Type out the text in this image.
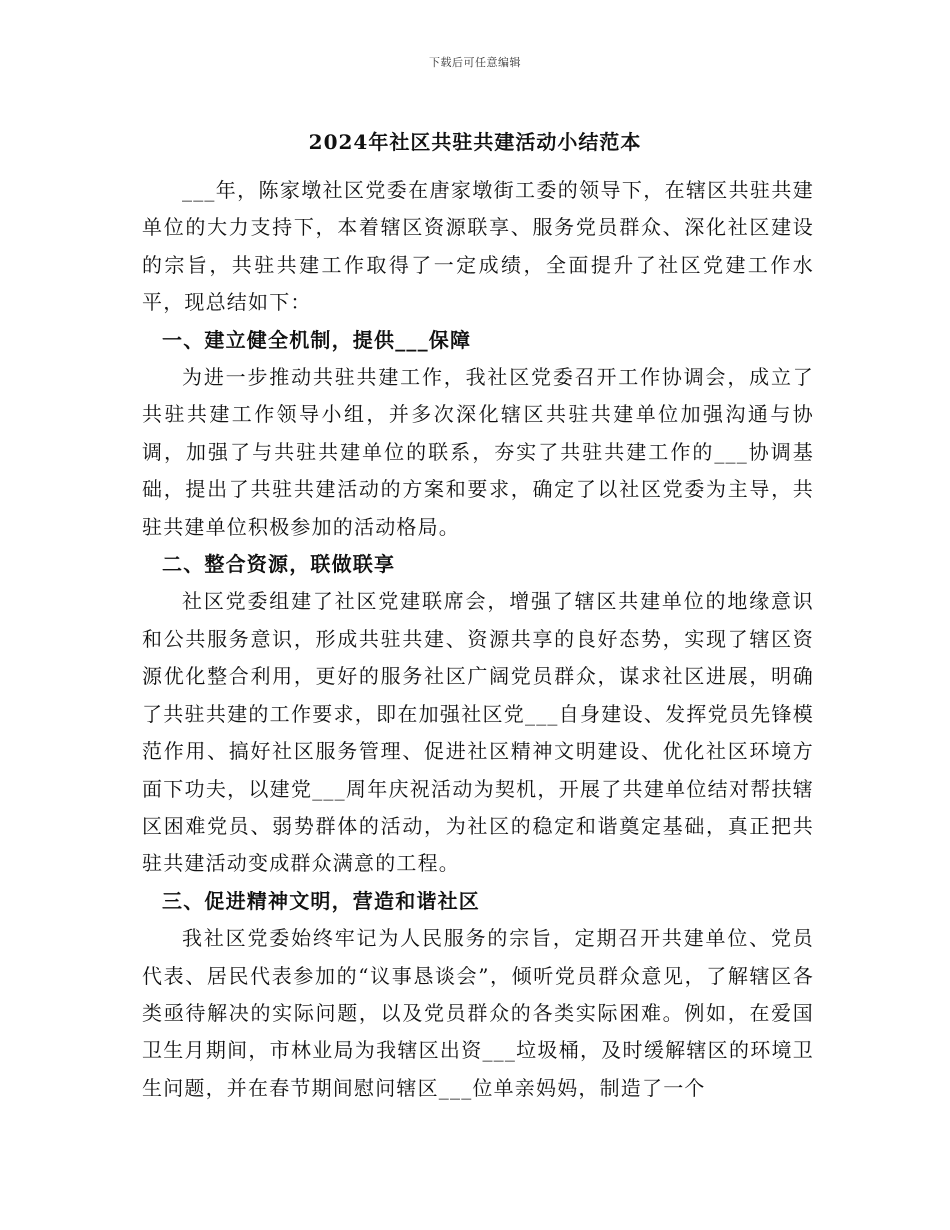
下载后可任意编辑
2024年社区共驻共建活动小结范本

___年，陈家墩社区党委在唐家墩街工委的领导下，在辖区共驻共建单位的大力支持下，本着辖区资源联享、服务党员群众、深化社区建设的宗旨，共驻共建工作取得了一定成绩，全面提升了社区党建工作水平，现总结如下：

一、建立健全机制，提供___保障

为进一步推动共驻共建工作，我社区党委召开工作协调会，成立了共驻共建工作领导小组，并多次深化辖区共驻共建单位加强沟通与协调，加强了与共驻共建单位的联系，夯实了共驻共建工作的___协调基础，提出了共驻共建活动的方案和要求，确定了以社区党委为主导，共驻共建单位积极参加的活动格局。

二、整合资源，联做联享

社区党委组建了社区党建联席会，增强了辖区共建单位的地缘意识和公共服务意识，形成共驻共建、资源共享的良好态势，实现了辖区资源优化整合利用，更好的服务社区广阔党员群众，谋求社区进展，明确了共驻共建的工作要求，即在加强社区党___自身建设、发挥党员先锋模范作用、搞好社区服务管理、促进社区精神文明建设、优化社区环境方面下功夫，以建党___周年庆祝活动为契机，开展了共建单位结对帮扶辖区困难党员、弱势群体的活动，为社区的稳定和谐奠定基础，真正把共驻共建活动变成群众满意的工程。

三、促进精神文明，营造和谐社区

我社区党委始终牢记为人民服务的宗旨，定期召开共建单位、党员代表、居民代表参加的“议事恳谈会”，倾听党员群众意见，了解辖区各类亟待解决的实际问题，以及党员群众的各类实际困难。例如，在爱国卫生月期间，市林业局为我辖区出资___垃圾桶，及时缓解辖区的环境卫生问题，并在春节期间慰问辖区___位单亲妈妈，制造了一个
